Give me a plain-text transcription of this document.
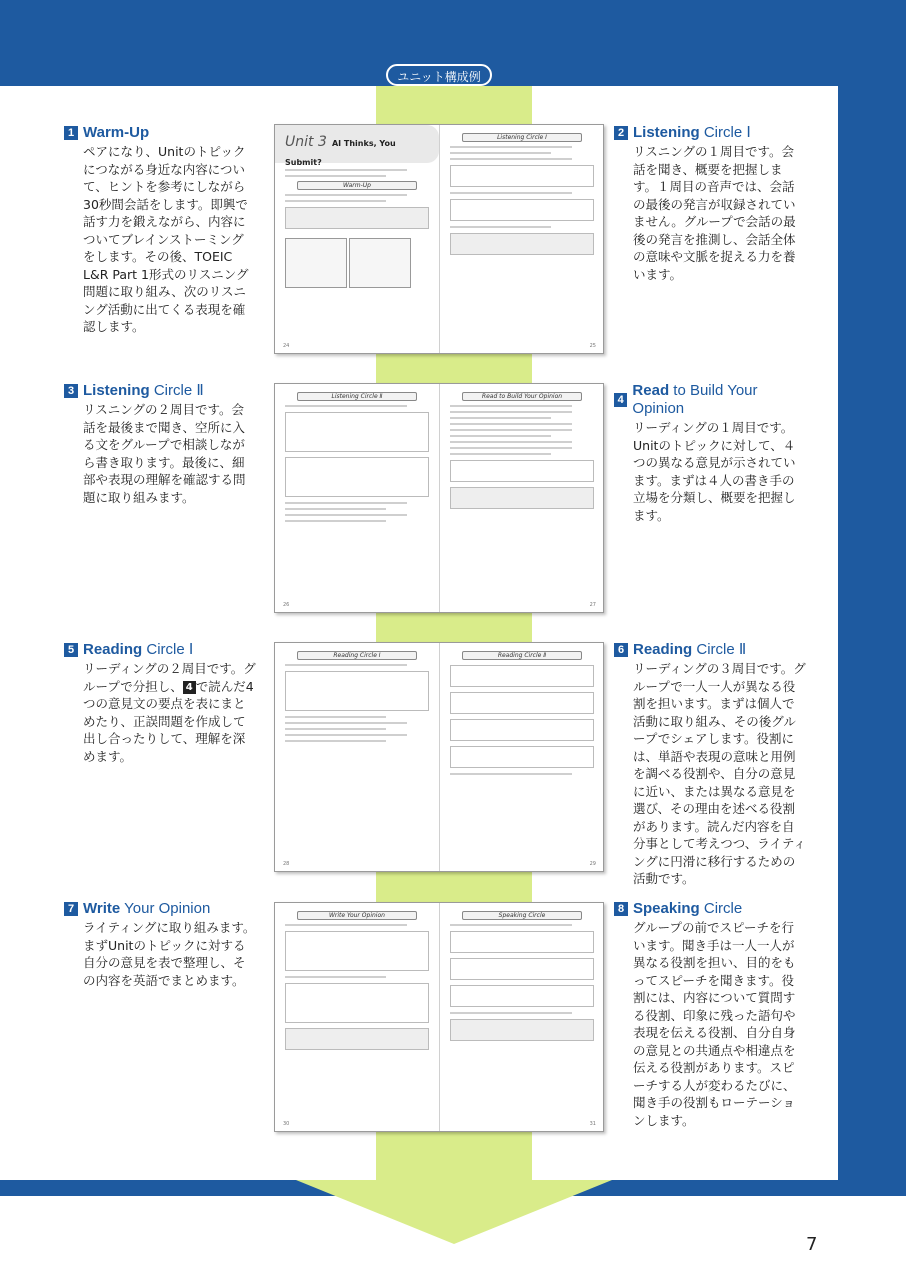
ユニット構成例
1 Warm-Up
ペアになり、Unitのトピックにつながる身近な内容について、ヒントを参考にしながら30秒間会話をします。即興で話す力を鍛えながら、内容についてブレインストーミングをします。その後、TOEIC L&R Part 1形式のリスニング問題に取り組み、次のリスニング活動に出てくる表現を確認します。
2 Listening Circle Ⅰ
リスニングの１周目です。会話を聞き、概要を把握します。１周目の音声では、会話の最後の発言が収録されていません。グループで会話の最後の発言を推測し、会話全体の意味や文脈を捉える力を養います。
3 Listening Circle Ⅱ
リスニングの２周目です。会話を最後まで聞き、空所に入る文をグループで相談しながら書き取ります。最後に、細部や表現の理解を確認する問題に取り組みます。
4
Read to Build Your Opinion
リーディングの１周目です。Unitのトピックに対して、４つの異なる意見が示されています。まずは４人の書き手の立場を分類し、概要を把握します。
5 Reading Circle Ⅰ
リーディングの２周目です。グループで分担し、 4 で読んだ4つの意見文の要点を表にまとめたり、正誤問題を作成して出し合ったりして、理解を深めます。
6 Reading Circle Ⅱ
リーディングの３周目です。グループで一人一人が異なる役割を担います。まずは個人で活動に取り組み、その後グループでシェアします。役割には、単語や表現の意味と用例を調べる役割や、自分の意見に近い、または異なる意見を選び、その理由を述べる役割があります。読んだ内容を自分事として考えつつ、ライティングに円滑に移行するための活動です。
7 Write Your Opinion
ライティングに取り組みます。まずUnitのトピックに対する自分の意見を表で整理し、その内容を英語でまとめます。
8 Speaking Circle
グループの前でスピーチを行います。聞き手は一人一人が異なる役割を担い、目的をもってスピーチを聞きます。役割には、内容について質問する役割、印象に残った語句や表現を伝える役割、自分自身の意見との共通点や相違点を伝える役割があります。スピーチする人が変わるたびに、聞き手の役割もローテーションします。
Unit 3 AI Thinks, You Submit?
Warm-Up
24
Listening Circle Ⅰ
25
Listening Circle Ⅱ
26
Read to Build Your Opinion
27
Reading Circle Ⅰ
28
Reading Circle Ⅱ
29
Write Your Opinion
30
Speaking Circle
31
7
